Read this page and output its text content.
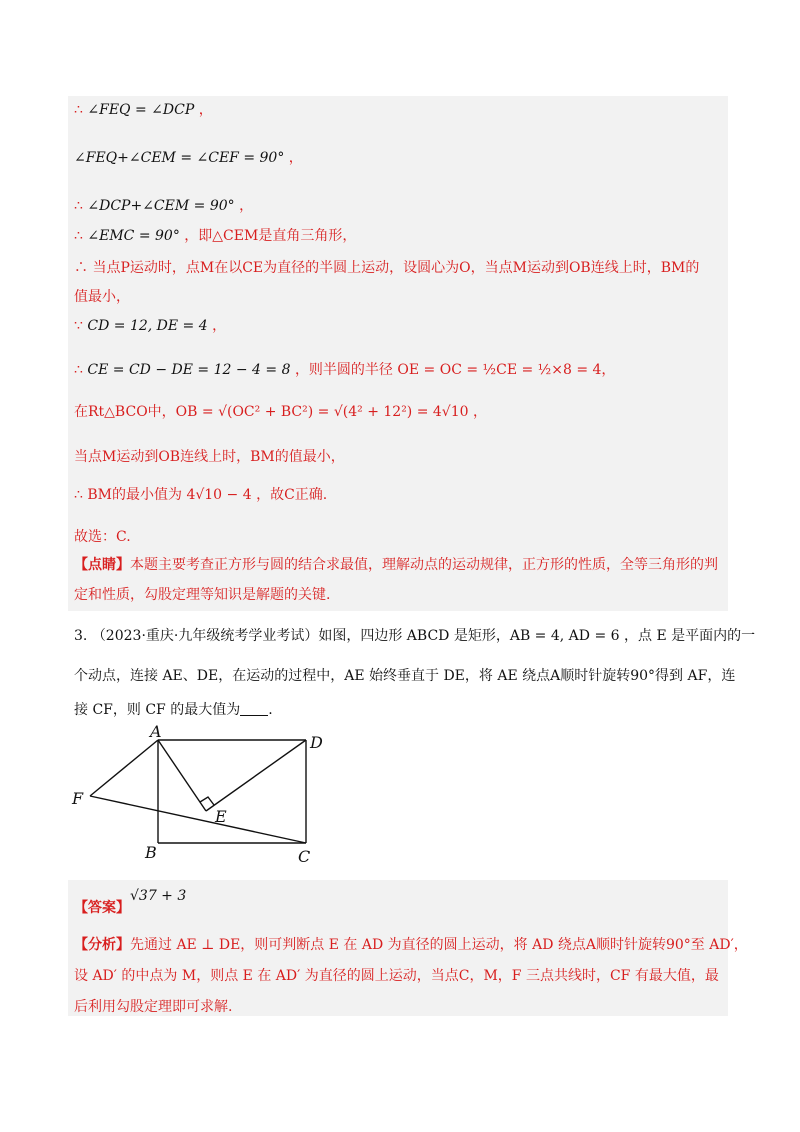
∴ ∠FEQ = ∠DCP ，
∠FEQ+∠CEM = ∠CEF = 90° ，
∴ ∠DCP+∠CEM = 90° ，
∴ ∠EMC = 90° ，即△CEM是直角三角形，
∴ 当点P运动时，点M在以CE为直径的半圆上运动，设圆心为O，当点M运动到OB连线上时，BM的
值最小，
∵ CD = 12, DE = 4 ，
∴ CE = CD − DE = 12 − 4 = 8 ，则半圆的半径 OE = OC = ½CE = ½×8 = 4，
在Rt△BCO中，OB = √(OC² + BC²) = √(4² + 12²) = 4√10 ，
当点M运动到OB连线上时，BM的值最小，
∴ BM的最小值为 4√10 − 4 ，故C正确.
故选：C.
【点睛】本题主要考查正方形与圆的结合求最值，理解动点的运动规律，正方形的性质，全等三角形的判
定和性质，勾股定理等知识是解题的关键.
3. （2023·重庆·九年级统考学业考试）如图，四边形 ABCD 是矩形，AB = 4, AD = 6 ，点 E 是平面内的一
个动点，连接 AE、DE，在运动的过程中，AE 始终垂直于 DE，将 AE 绕点A顺时针旋转90°得到 AF，连
接 CF，则 CF 的最大值为 .
A
D
F
E
B	C
【答案】√37 + 3
【分析】先通过 AE ⊥ DE，则可判断点 E 在 AD 为直径的圆上运动，将 AD 绕点A顺时针旋转90°至 AD′，
设 AD′ 的中点为 M，则点 E 在 AD′ 为直径的圆上运动，当点C，M，F 三点共线时，CF 有最大值，最
后利用勾股定理即可求解.
